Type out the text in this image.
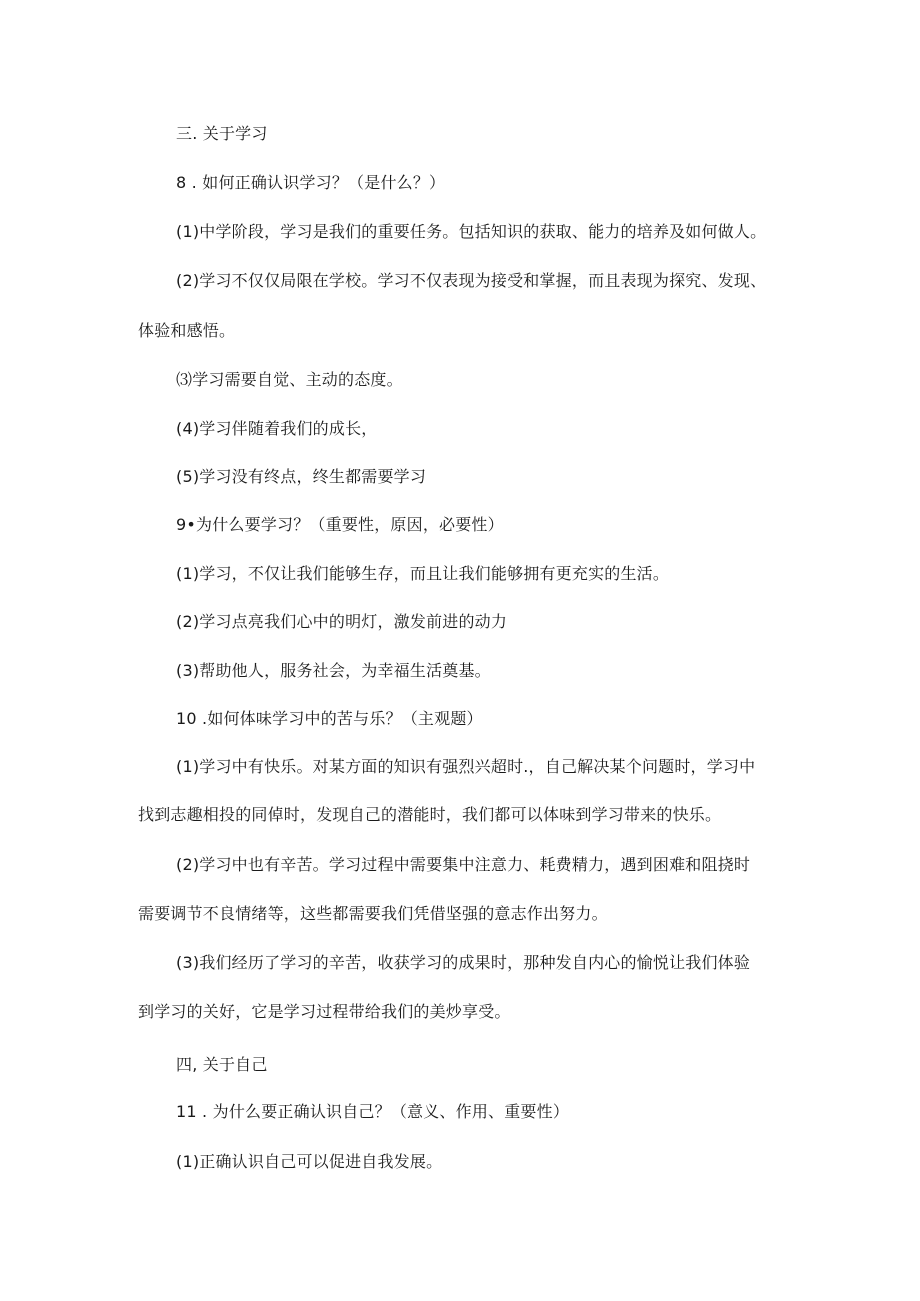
三. 关于学习
8 . 如何正确认识学习？（是什么？）
(1)中学阶段，学习是我们的重要任务。包括知识的获取、能力的培养及如何做人。
(2)学习不仅仅局限在学校。学习不仅表现为接受和掌握，而且表现为探究、发现、
体验和感悟。
⑶学习需要自觉、主动的态度。
(4)学习伴随着我们的成长，
(5)学习没有终点，终生都需要学习
9•为什么要学习？（重要性，原因，必要性）
(1)学习，不仅让我们能够生存，而且让我们能够拥有更充实的生活。
(2)学习点亮我们心中的明灯，激发前进的动力
(3)帮助他人，服务社会，为幸福生活奠基。
10 .如何体味学习中的苦与乐？（主观题）
(1)学习中有快乐。对某方面的知识有强烈兴超时.，自己解决某个问题时，学习中
找到志趣相投的同倬时，发现自己的潜能时，我们都可以体味到学习带来的快乐。
(2)学习中也有辛苦。学习过程中需要集中注意力、耗费精力，遇到困难和阻挠时
需要调节不良情绪等，这些都需要我们凭借坚强的意志作出努力。
(3)我们经历了学习的辛苦，收获学习的成果时，那种发自内心的愉悦让我们体验
到学习的关好，它是学习过程带给我们的美炒享受。
四, 关于自己
11 . 为什么要正确认识自己？（意义、作用、重要性）
(1)正确认识自己可以促进自我发展。
